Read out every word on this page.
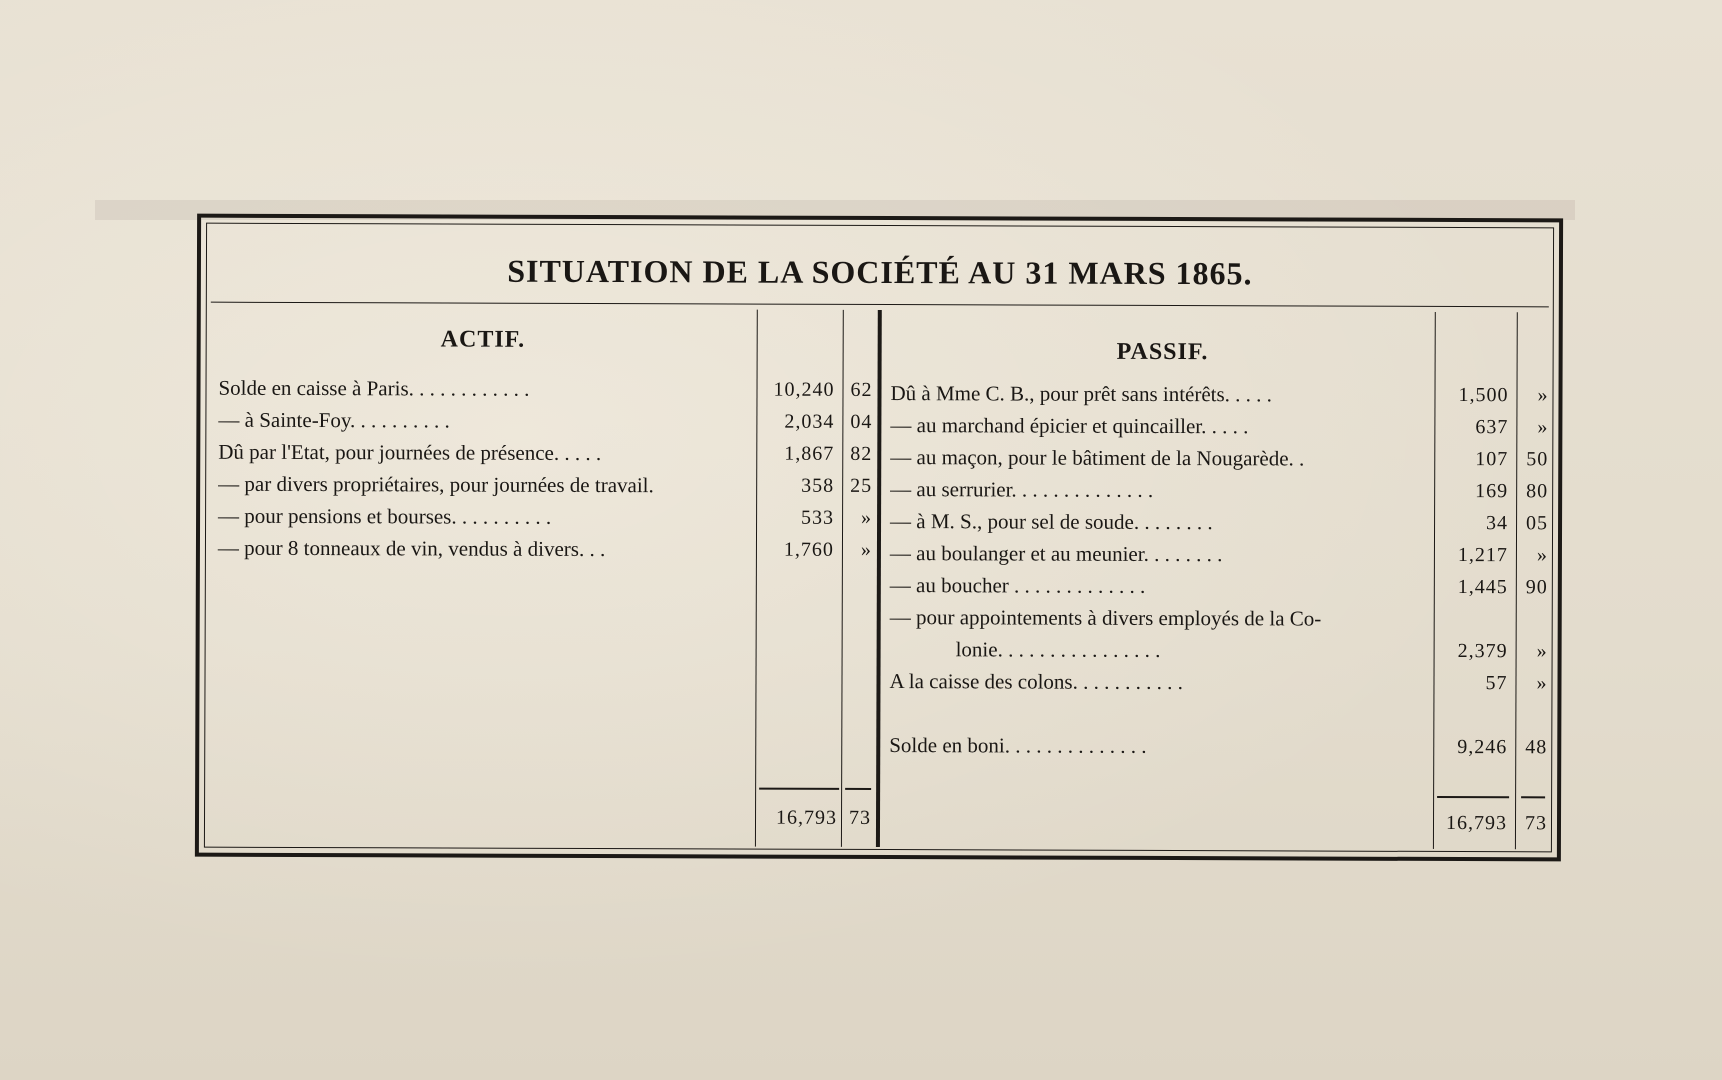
SITUATION DE LA SOCIÉTÉ AU 31 MARS 1865.
ACTIF.
Solde en caisse à Paris. . . . . . . . . . . .	10,240 62
— à Sainte-Foy. . . . . . . . . .	2,034 04
Dû par l'Etat, pour journées de présence. . . . .	1,867 82
— par divers propriétaires, pour journées de travail.	358 25
— pour pensions et bourses. . . . . . . . . .	533	»
— pour 8 tonneaux de vin, vendus à divers. . .	1,760	»
16,793 73
PASSIF.
Dû à Mme C. B., pour prêt sans intérêts. . . . .	1,500	»
— au marchand épicier et quincailler. . . . .	637	»
— au maçon, pour le bâtiment de la Nougarède. .	107 50
— au serrurier. . . . . . . . . . . . . .	169 80
— à M. S., pour sel de soude. . . . . . . .	34 05
— au boulanger et au meunier. . . . . . . .	1,217	»
— au boucher . . . . . . . . . . . . .	1,445 90
— pour appointements à divers employés de la Co-
lonie. . . . . . . . . . . . . . . .	2,379	»
A la caisse des colons. . . . . . . . . . .	57	»
Solde en boni. . . . . . . . . . . . . .	9,246 48
16,793 73
